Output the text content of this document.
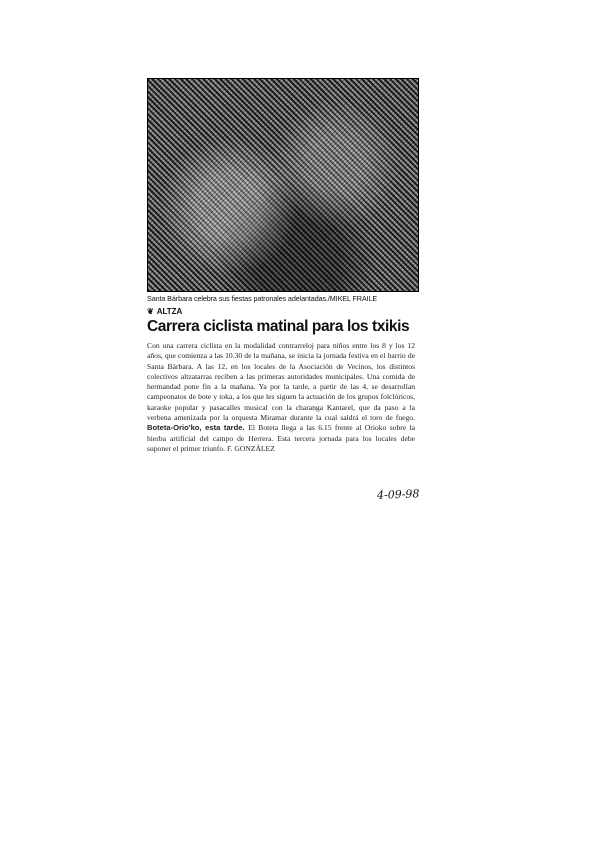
Santa Bárbara celebra sus fiestas patronales adelantadas./MIKEL FRAILE
❦ ALTZA
Carrera ciclista matinal para los txikis
Con una carrera ciclista en la modalidad contrarreloj para niños entre los 8 y los 12 años, que comienza a las 10.30 de la mañana, se inicia la jornada festiva en el barrio de Santa Bárbara. A las 12, en los locales de la Asociación de Vecinos, los distintos colectivos altzatarras reciben a las primeras autoridades municipales. Una comida de hermandad pone fin a la mañana. Ya por la tarde, a partir de las 4, se desarrollan campeonatos de bote y toka, a los que les siguen la actuación de los grupos folclóricos, karaoke popular y pasacalles musical con la charanga Kantarel, que da paso a la verbena amenizada por la orquesta Miramar durante la cual saldrá el toro de fuego. Boteta-Orio'ko, esta tarde. El Boteta llega a las 6.15 frente al Orioko sobre la hierba artificial del campo de Herrera. Esta tercera jornada para los locales debe suponer el primer triunfo. F. GONZÁLEZ
4-09-98
